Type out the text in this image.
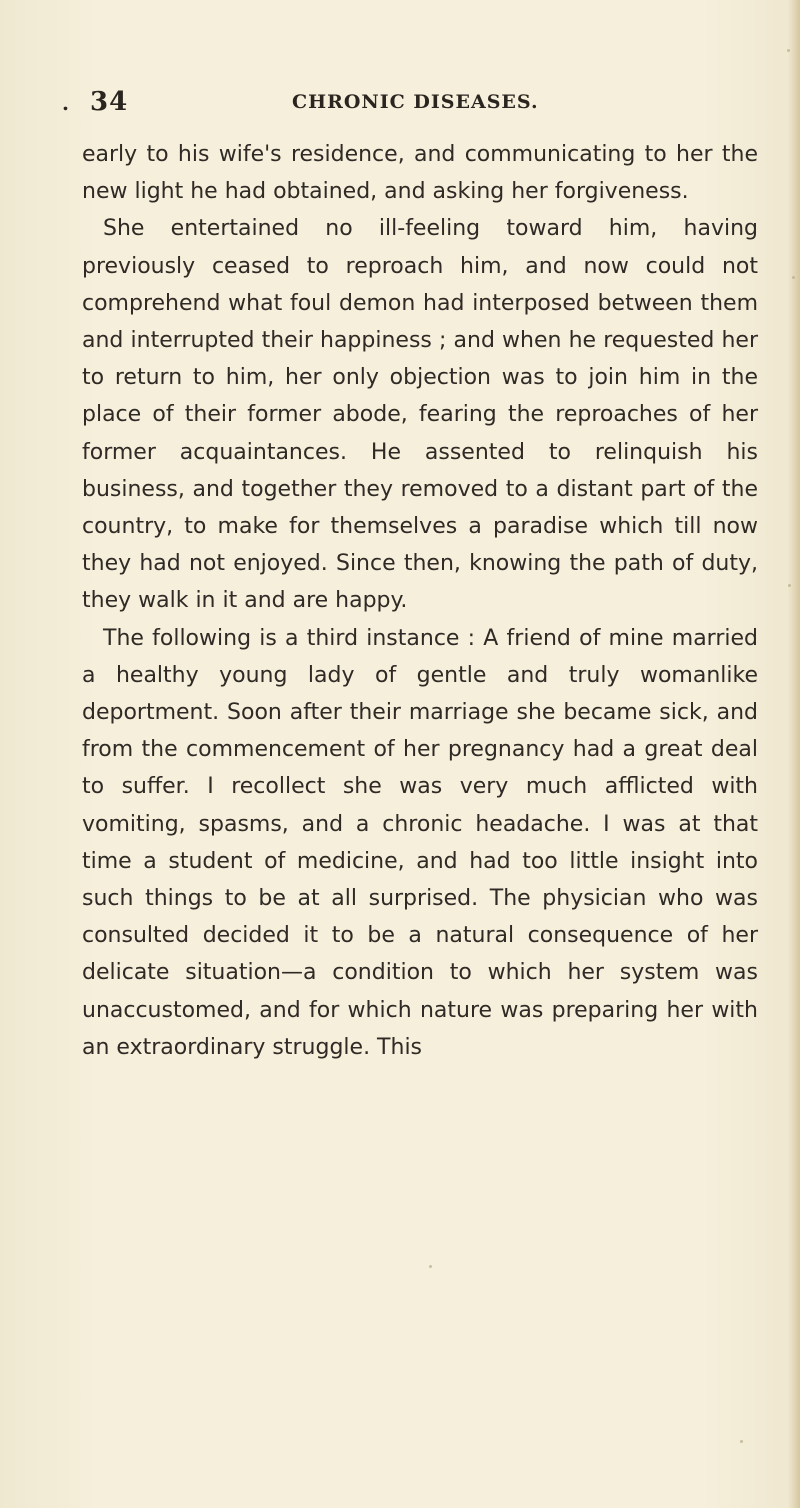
. 34	CHRONIC DISEASES.

early to his wife's residence, and communicating to her the new light he had obtained, and asking her forgiveness.

She entertained no ill-feeling toward him, having previously ceased to reproach him, and now could not comprehend what foul demon had interposed between them and interrupted their happiness ; and when he requested her to return to him, her only objection was to join him in the place of their former abode, fearing the reproaches of her former acquaintances. He assented to relinquish his business, and together they removed to a distant part of the country, to make for themselves a paradise which till now they had not enjoyed. Since then, knowing the path of duty, they walk in it and are happy.

The following is a third instance : A friend of mine married a healthy young lady of gentle and truly womanlike deportment. Soon after their marriage she became sick, and from the commencement of her pregnancy had a great deal to suffer. I recollect she was very much afflicted with vomiting, spasms, and a chronic headache. I was at that time a student of medicine, and had too little insight into such things to be at all surprised. The physician who was consulted decided it to be a natural consequence of her delicate situation—a condition to which her system was unaccustomed, and for which nature was preparing her with an extraordinary struggle. This
